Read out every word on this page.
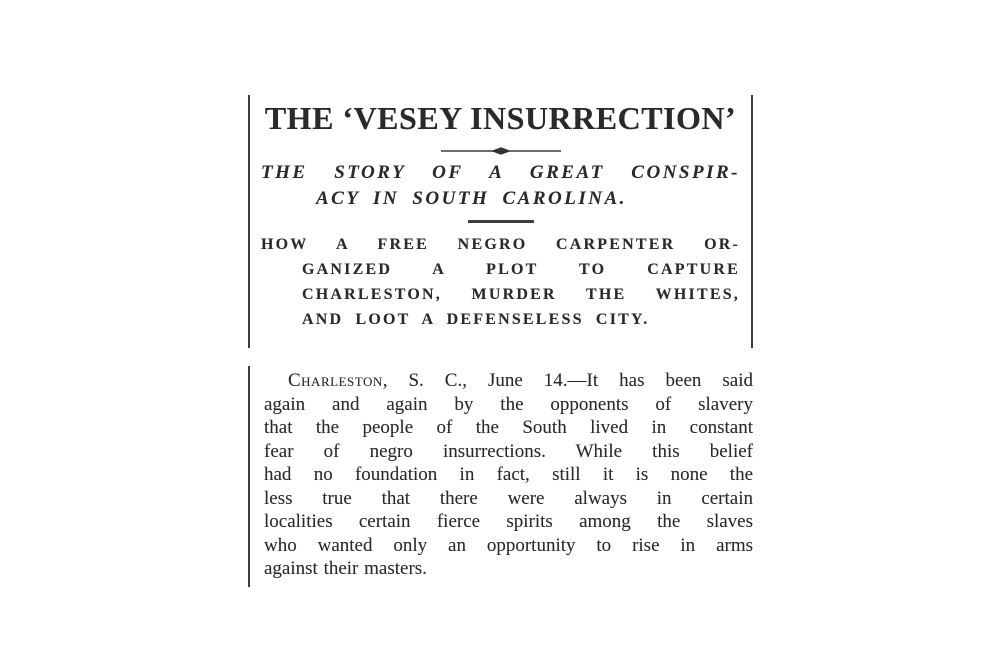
THE ‘VESEY INSURRECTION’
THE STORY OF A GREAT CONSPIR-
ACY IN SOUTH CAROLINA.
HOW A FREE NEGRO CARPENTER OR-
GANIZED A PLOT TO CAPTURE
CHARLESTON, MURDER THE WHITES,
AND LOOT A DEFENSELESS CITY.
Charleston, S. C., June 14.—It has been said
again and again by the opponents of slavery
that the people of the South lived in constant
fear of negro insurrections. While this belief
had no foundation in fact, still it is none the
less true that there were always in certain
localities certain fierce spirits among the slaves
who wanted only an opportunity to rise in arms
against their masters.
